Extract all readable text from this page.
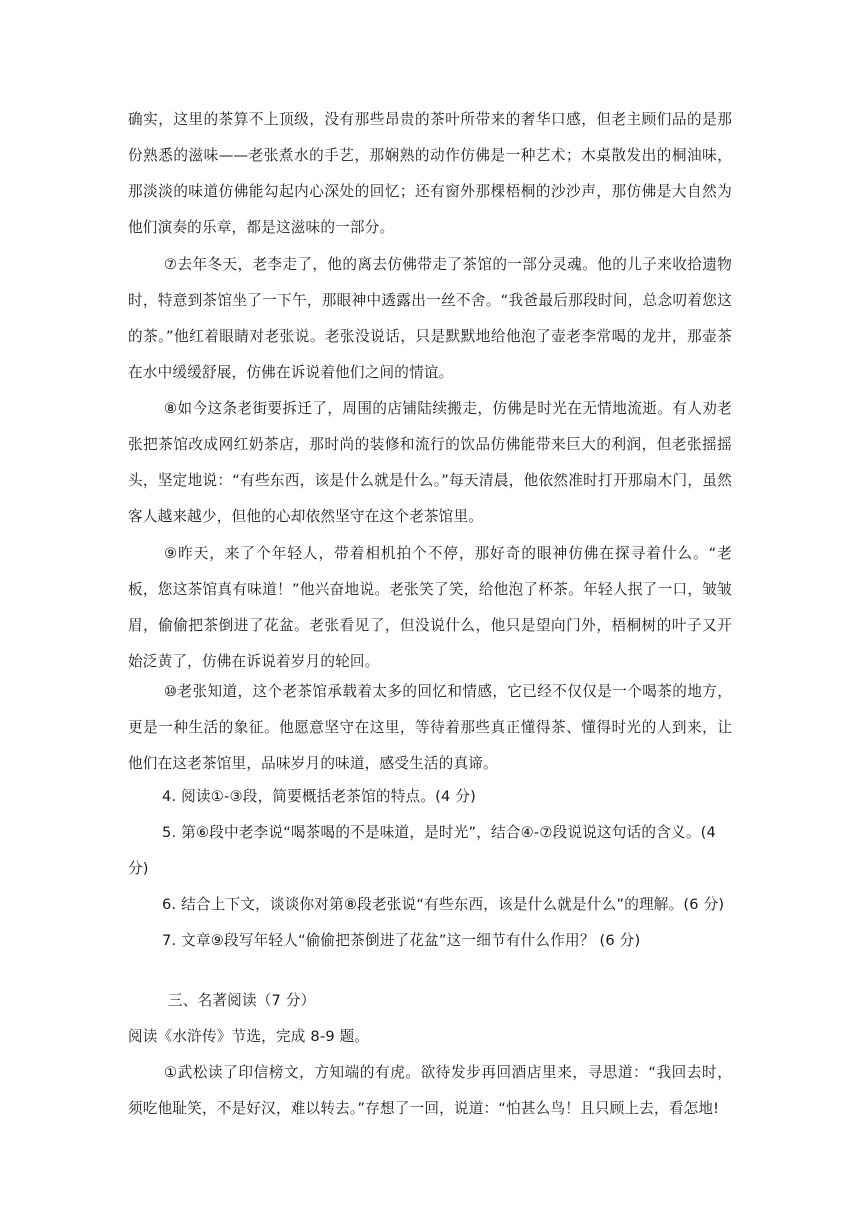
确实，这里的茶算不上顶级，没有那些昂贵的茶叶所带来的奢华口感，但老主顾们品的是那份熟悉的滋味——老张煮水的手艺，那娴熟的动作仿佛是一种艺术；木桌散发出的桐油味，那淡淡的味道仿佛能勾起内心深处的回忆；还有窗外那棵梧桐的沙沙声，那仿佛是大自然为他们演奏的乐章，都是这滋味的一部分。

⑦去年冬天，老李走了，他的离去仿佛带走了茶馆的一部分灵魂。他的儿子来收拾遗物时，特意到茶馆坐了一下午，那眼神中透露出一丝不舍。“我爸最后那段时间，总念叨着您这的茶。”他红着眼睛对老张说。老张没说话，只是默默地给他泡了壶老李常喝的龙井，那壶茶在水中缓缓舒展，仿佛在诉说着他们之间的情谊。

⑧如今这条老街要拆迁了，周围的店铺陆续搬走，仿佛是时光在无情地流逝。有人劝老张把茶馆改成网红奶茶店，那时尚的装修和流行的饮品仿佛能带来巨大的利润，但老张摇摇头，坚定地说：“有些东西，该是什么就是什么。”每天清晨，他依然准时打开那扇木门，虽然客人越来越少，但他的心却依然坚守在这个老茶馆里。

⑨昨天，来了个年轻人，带着相机拍个不停，那好奇的眼神仿佛在探寻着什么。“老板，您这茶馆真有味道！”他兴奋地说。老张笑了笑，给他泡了杯茶。年轻人抿了一口，皱皱眉，偷偷把茶倒进了花盆。老张看见了，但没说什么，他只是望向门外，梧桐树的叶子又开始泛黄了，仿佛在诉说着岁月的轮回。

⑩老张知道，这个老茶馆承载着太多的回忆和情感，它已经不仅仅是一个喝茶的地方，更是一种生活的象征。他愿意坚守在这里，等待着那些真正懂得茶、懂得时光的人到来，让他们在这老茶馆里，品味岁月的味道，感受生活的真谛。

4. 阅读①-③段，简要概括老茶馆的特点。(4 分)

5. 第⑥段中老李说“喝茶喝的不是味道，是时光”，结合④-⑦段说说这句话的含义。(4 分)

6. 结合上下文，谈谈你对第⑧段老张说“有些东西，该是什么就是什么”的理解。(6 分)

7. 文章⑨段写年轻人“偷偷把茶倒进了花盆”这一细节有什么作用？ (6 分)

三、名著阅读（7 分）

阅读《水浒传》节选，完成 8-9 题。

①武松读了印信榜文，方知端的有虎。欲待发步再回酒店里来，寻思道：“我回去时，须吃他耻笑，不是好汉，难以转去。”存想了一回，说道：“怕甚么鸟！且只顾上去，看怎地!
